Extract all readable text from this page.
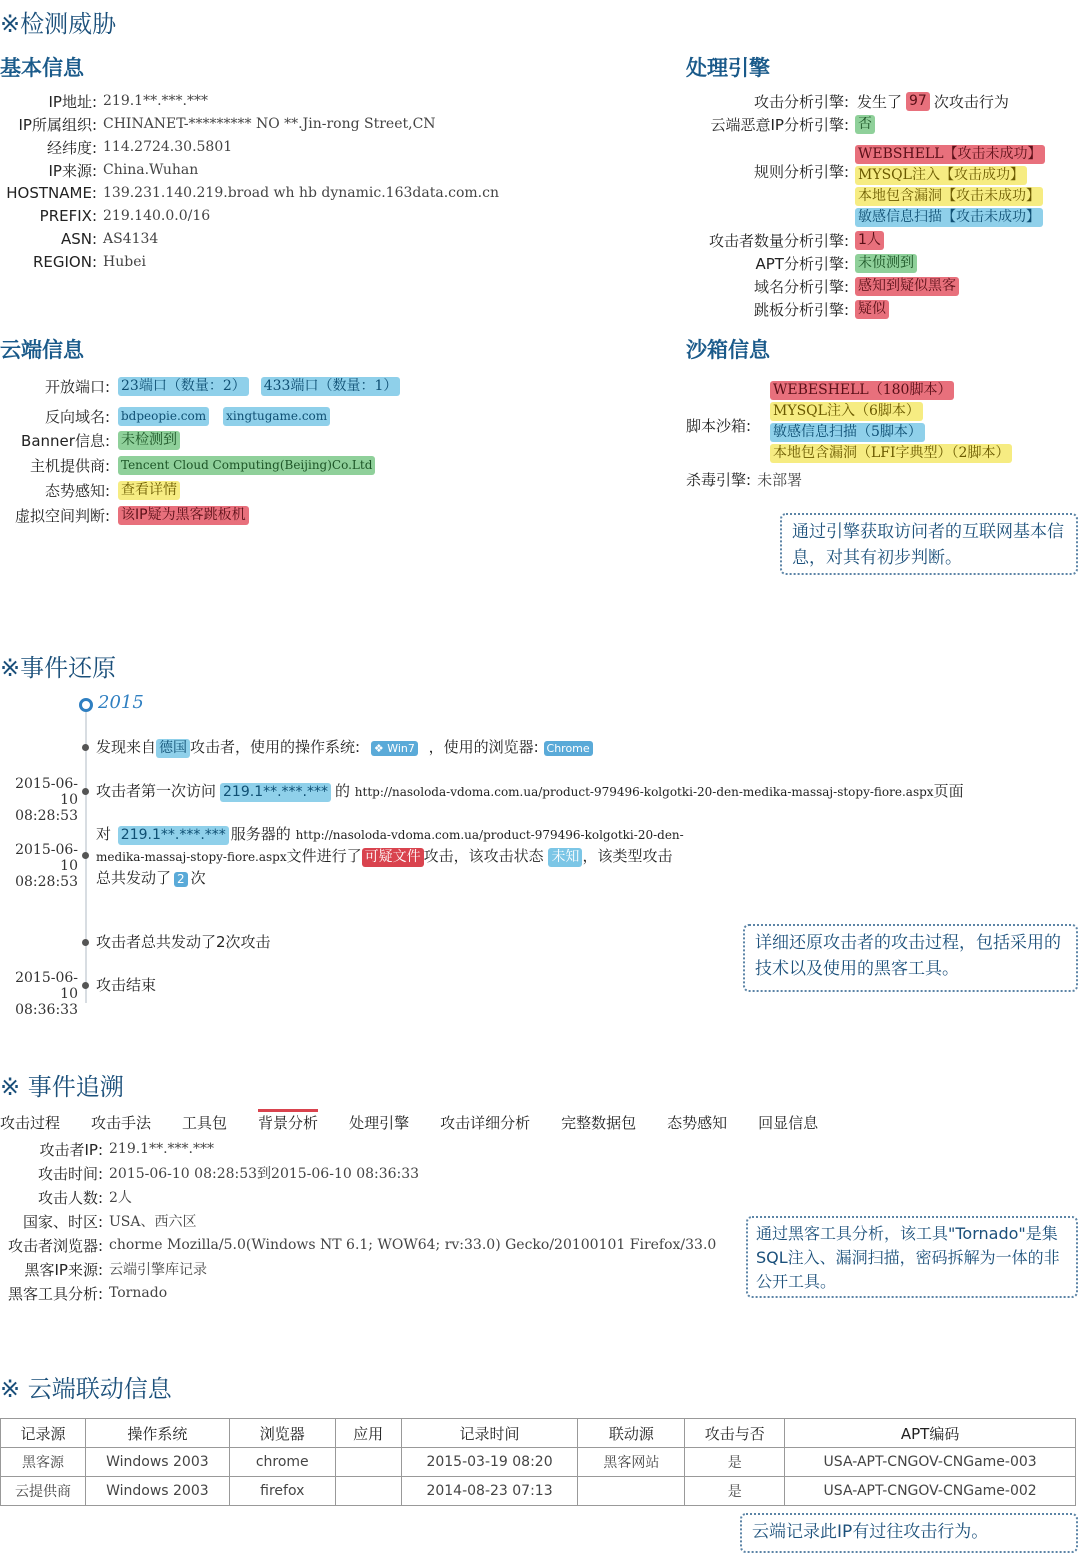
※检测威胁
基本信息
IP地址: 219.1**.***.***
IP所属组织: CHINANET-********* NO **.Jin-rong Street,CN
经纬度: 114.2724.30.5801
IP来源: China.Wuhan
HOSTNAME: 139.231.140.219.broad wh hb dynamic.163data.com.cn
PREFIX: 219.140.0.0/16
ASN: AS4134
REGION: Hubei
处理引擎
攻击分析引擎: 发生了 97 次攻击行为
云端恶意IP分析引擎: 否
规则分析引擎:
WEBSHELL【攻击未成功】
MYSQL注入【攻击成功】
本地包含漏洞【攻击未成功】
敏感信息扫描【攻击未成功】
攻击者数量分析引擎: 1人
APT分析引擎: 未侦测到
域名分析引擎: 感知到疑似黑客
跳板分析引擎: 疑似
云端信息
开放端口: 23端口（数量：2） 433端口（数量：1）
反向域名: bdpeopie.com xingtugame.com
Banner信息: 未检测到
主机提供商: Tencent Cloud Computing(Beijing)Co.Ltd
态势感知: 查看详情
虚拟空间判断: 该IP疑为黑客跳板机
沙箱信息
脚本沙箱:
WEBESHELL（180脚本）
MYSQL注入（6脚本）
敏感信息扫描（5脚本）
本地包含漏洞（LFI字典型）（2脚本）
杀毒引擎: 未部署
通过引擎获取访问者的互联网基本信息，对其有初步判断。
※事件还原
2015
发现来自 德国 攻击者，使用的操作系统: ❖ Win7 ，使用的浏览器: Chrome
2015-06-10 08:28:53
攻击者第一次访问 219.1**.***.*** 的 http://nasoloda-vdoma.com.ua/product-979496-kolgotki-20-den-medika-massaj-stopy-fiore.aspx页面
2015-06-10 08:28:53
对 219.1**.***.*** 服务器的 http://nasoloda-vdoma.com.ua/product-979496-kolgotki-20-den-
medika-massaj-stopy-fiore.aspx文件进行了 可疑文件 攻击，该攻击状态 未知 ，该类型攻击
总共发动了 2 次
攻击者总共发动了2次攻击
2015-06-10 08:36:33
攻击结束
详细还原攻击者的攻击过程，包括采用的技术以及使用的黑客工具。
※ 事件追溯
攻击过程 攻击手法 工具包 背景分析 处理引擎 攻击详细分析 完整数据包 态势感知 回显信息
攻击者IP: 219.1**.***.***
攻击时间: 2015-06-10 08:28:53到2015-06-10 08:36:33
攻击人数: 2人
国家、时区: USA、西六区
攻击者浏览器: chorme Mozilla/5.0(Windows NT 6.1; WOW64; rv:33.0) Gecko/20100101 Firefox/33.0
黑客IP来源: 云端引擎库记录
黑客工具分析: Tornado
通过黑客工具分析，该工具"Tornado"是集SQL注入、漏洞扫描，密码拆解为一体的非公开工具。
※ 云端联动信息
记录源	操作系统	浏览器	应用	记录时间	联动源	攻击与否	APT编码
黑客源	Windows 2003	chrome		2015-03-19 08:20	黑客网站	是	USA-APT-CNGOV-CNGame-003
云提供商	Windows 2003	firefox		2014-08-23 07:13		是	USA-APT-CNGOV-CNGame-002
云端记录此IP有过往攻击行为。
